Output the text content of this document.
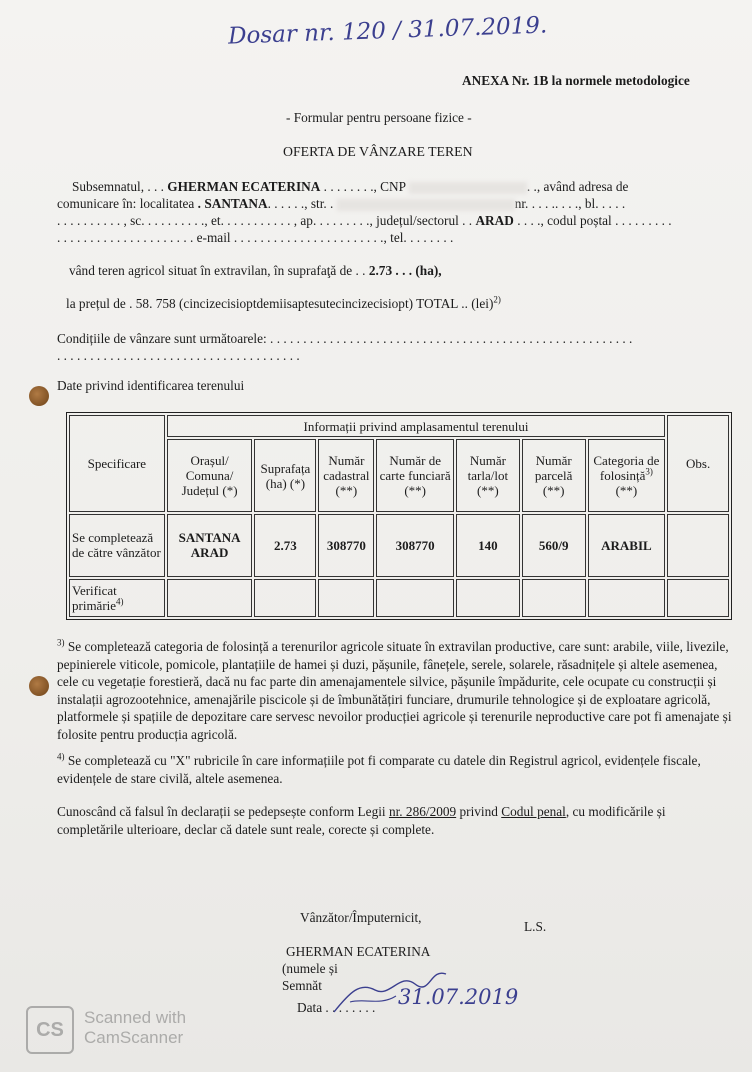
Dosar nr. 120 / 31.07.2019.
ANEXA Nr. 1B la normele metodologice
- Formular pentru persoane fizice -
OFERTA DE VÂNZARE TEREN
Subsemnatul, . . . GHERMAN ECATERINA . . . . . . . ., CNP	. ., având adresa de
comunicare în: localitatea . SANTANA. . . . . ., str. .	nr. . . . .. . . ., bl. . . . .
. . . . . . . . . . , sc. . . . . . . . . ., et. . . . . . . . . . . , ap. . . . . . . . ., județul/sectorul . . ARAD . . . ., codul poștal . . . . . . . . .
. . . . . . . . . . . . . . . . . . . . . e-mail . . . . . . . . . . . . . . . . . . . . . . ., tel. . . . . . . .
vând teren agricol situat în extravilan, în suprafaţă de . . 2.73 . . . (ha),
la prețul de . 58. 758 (cincizecisioptdemiisaptesutecincizecisiopt) TOTAL .. (lei)$^{2)}$
Condițiile de vânzare sunt următoarele: . . . . . . . . . . . . . . . . . . . . . . . . . . . . . . . . . . . . . . . . . . . . . . . . . . . . . . .
. . . . . . . . . . . . . . . . . . . . . . . . . . . . . . . . . . . . .
Date privind identificarea terenului
Specificare	Informații privind amplasamentul terenului							Obs.
	Orașul/ Comuna/ Județul (*)	Suprafața (ha) (*)	Număr cadastral (**)	Număr de carte funciară (**)	Număr tarla/lot (**)	Număr parcelă (**)	Categoria de folosință$^{3)}$ (**)	
Se completează de către vânzător	SANTANA ARAD	2.73	308770	308770	140	560/9	ARABIL	
Verificat primărie$^{4)}$								
$^{3)}$ Se completează categoria de folosință a terenurilor agricole situate în extravilan productive, care sunt: arabile, viile, livezile, pepinierele viticole, pomicole, plantațiile de hamei și duzi, pășunile, fânețele, serele, solarele, răsadnițele și altele asemenea, cele cu vegetație forestieră, dacă nu fac parte din amenajamentele silvice, pășunile împădurite, cele ocupate cu construcții și instalații agrozootehnice, amenajările piscicole și de îmbunătățiri funciare, drumurile tehnologice și de exploatare agricolă, platformele și spațiile de depozitare care servesc nevoilor producției agricole și terenurile neproductive care pot fi amenajate și folosite pentru producția agricolă.
$^{4)}$ Se completează cu "X" rubricile în care informațiile pot fi comparate cu datele din Registrul agricol, evidențele fiscale, evidențele de stare civilă, altele asemenea.
Cunoscând că falsul în declarații se pedepsește conform Legii nr. 286/2009 privind Codul penal, cu modificările și completările ulterioare, declar că datele sunt reale, corecte și complete.
Vânzător/Împuternicit,
L.S.
GHERMAN ECATERINA
(numele și
Semnăt
Data . . . . . . . . 31.07.2019
CS
Scanned with
CamScanner
